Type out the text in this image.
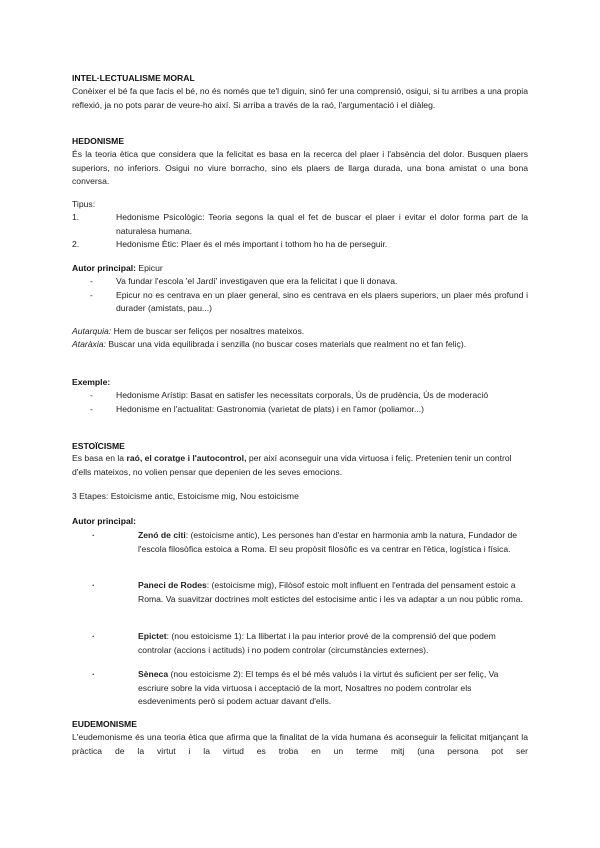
INTEL·LECTUALISME MORAL
Conèixer el bé fa que facis el bé, no és només que te'l diguin, sinó fer una comprensió, osigui, si tu arribes a una propia reflexió, ja no pots parar de veure-ho així. Si arriba a través de la raó, l'argumentació i el diàleg.
HEDONISME
És la teoria ètica que considera que la felicitat es basa en la recerca del plaer i l'absència del dolor. Busquen plaers superiors, no inferiors. Osigui no viure borracho, sino els plaers de llarga durada, una bona amistat o una bona conversa.
Tipus:
1.	Hedonisme Psicològic: Teoria segons la qual el fet de buscar el plaer i evitar el dolor forma part de la naturalesa humana.
2.	Hedonisme Ètic: Plaer és el més important i tothom ho ha de perseguir.
Autor principal: Epicur
-	Va fundar l'escola 'el Jardí' investigaven que era la felicitat i que li donava.
-	Epicur no es centrava en un plaer general, sino es centrava en els plaers superiors, un plaer més profund i durader (amistats, pau...)
Autarquia: Hem de buscar ser feliços per nosaltres mateixos.
Ataràxia: Buscar una vida equilibrada i senzilla (no buscar coses materials que realment no et fan feliç).
Exemple:
-	Hedonisme Arístip: Basat en satisfer les necessitats corporals, Ús de prudència, Ús de moderació
-	Hedonisme en l'actualitat: Gastronomia (varietat de plats) i en l'amor (poliamor...)
ESTOÏCISME
Es basa en la raó, el coratge i l'autocontrol, per així aconseguir una vida virtuosa i feliç. Pretenien tenir un control d'ells mateixos, no volien pensar que depenien de les seves emocions.
3 Etapes: Estoicisme antic, Estoicisme mig, Nou estoicisme
Autor principal:
·	Zenó de citi: (estoicisme antic), Les persones han d'estar en harmonia amb la natura, Fundador de l'escola filosòfica estoica a Roma. El seu propòsit filosòfic es va centrar en l'ètica, logística i física.
·	Paneci de Rodes: (estoicisme mig), Filòsof estoic molt influent en l'entrada del pensament estoic a Roma. Va suavitzar doctrines molt estictes del estocisime antic i les va adaptar a un nou públic roma.
·	Epictet: (nou estoicisme 1): La llibertat i la pau interior prové de la comprensió del que podem controlar (accions i actituds) i no podem controlar (circumstàncies externes).
·	Sèneca (nou estoicisme 2): El temps és el bé més valuós i la virtut és suficient per ser feliç, Va escriure sobre la vida virtuosa i acceptació de la mort, Nosaltres no podem controlar els esdeveniments però si podem actuar davant d'ells.
EUDEMONISME
L'eudemonisme és una teoria ètica que afirma que la finalitat de la vida humana és aconseguir la felicitat mitjançant la pràctica de la virtut i la virtud es troba en un terme mitj (una persona pot ser
